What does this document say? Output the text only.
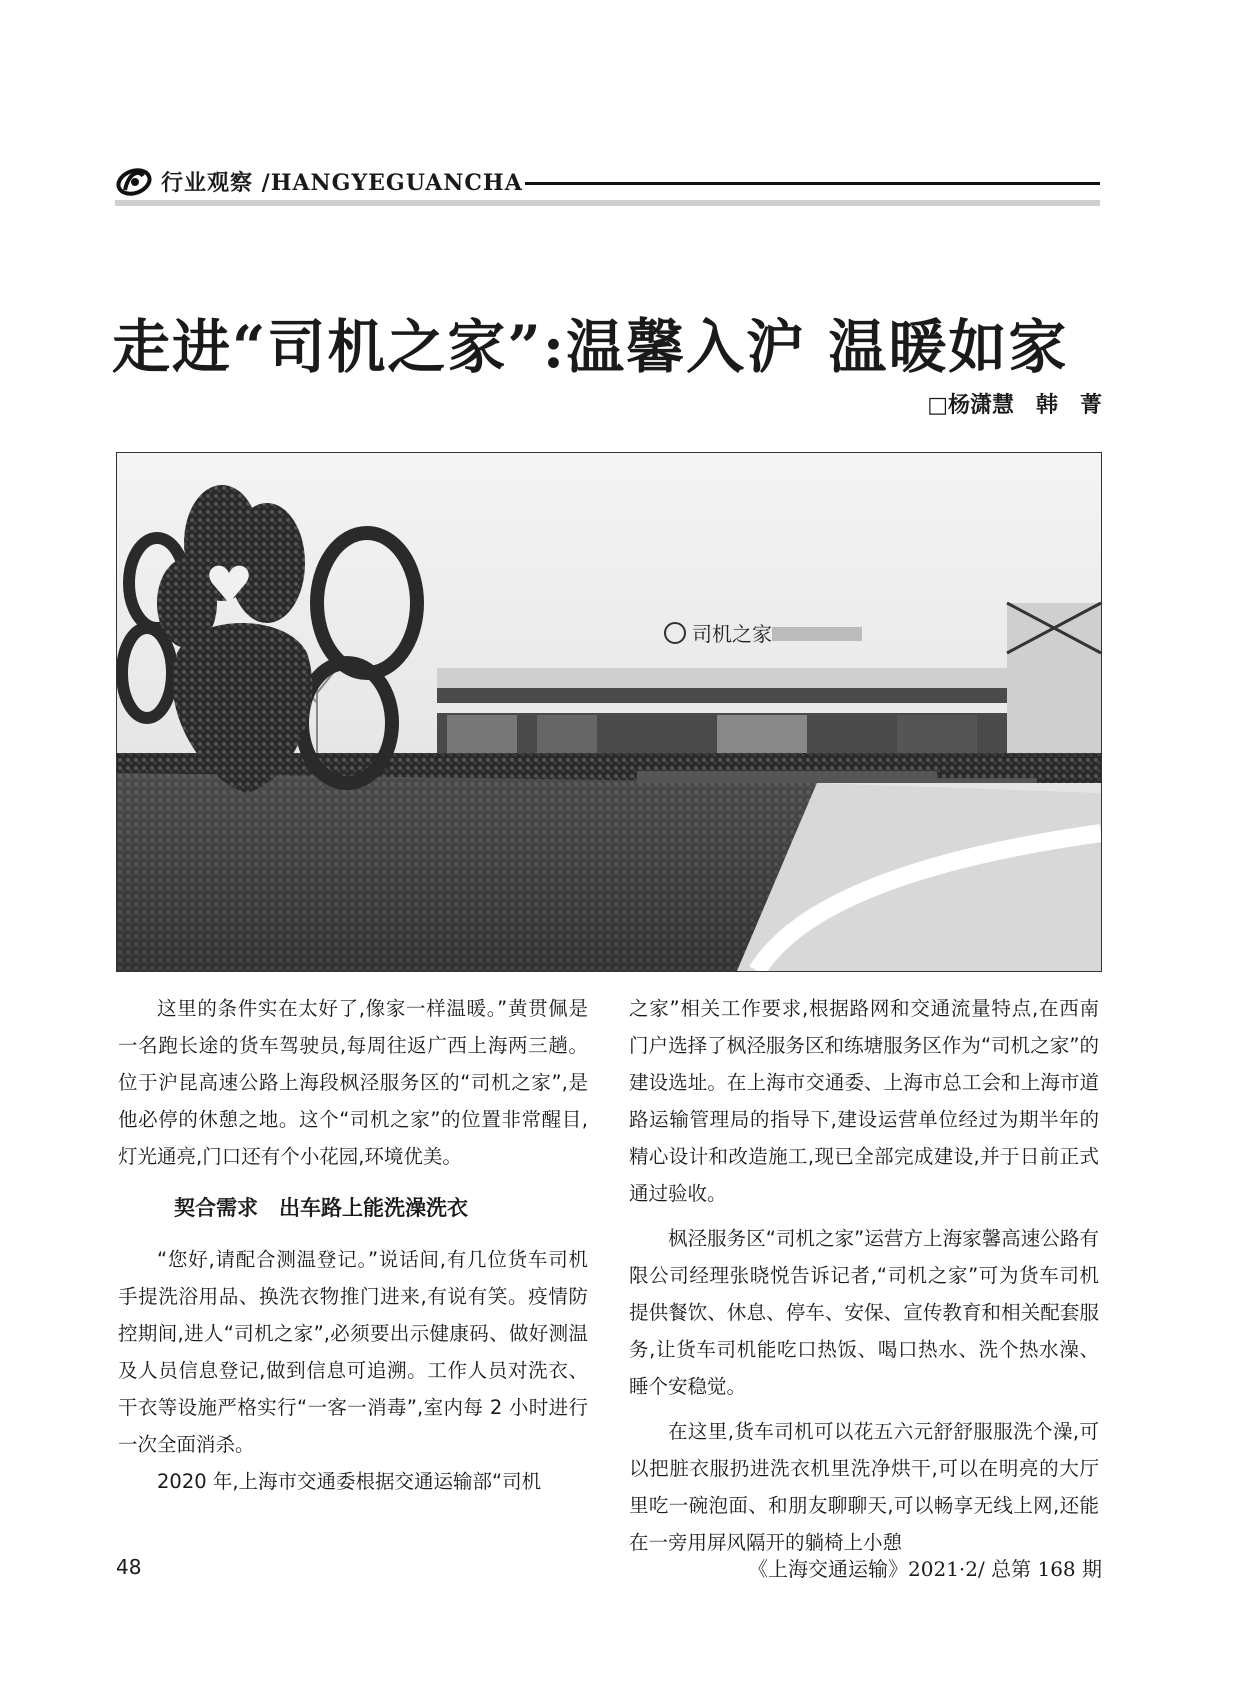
行业观察 /HANGYEGUANCHA
走进“司机之家”:温馨入沪 温暖如家
□杨潇慧　韩　菁
司机之家

这里的条件实在太好了,像家一样温暖。”黄贯佩是一名跑长途的货车驾驶员,每周往返广西上海两三趟。位于沪昆高速公路上海段枫泾服务区的“司机之家”,是他必停的休憩之地。这个“司机之家”的位置非常醒目,灯光通亮,门口还有个小花园,环境优美。

契合需求　出车路上能洗澡洗衣

“您好,请配合测温登记。”说话间,有几位货车司机手提洗浴用品、换洗衣物推门进来,有说有笑。疫情防控期间,进人“司机之家”,必须要出示健康码、做好测温及人员信息登记,做到信息可追溯。工作人员对洗衣、干衣等设施严格实行“一客一消毒”,室内每 2 小时进行一次全面消杀。

2020 年,上海市交通委根据交通运输部“司机

之家”相关工作要求,根据路网和交通流量特点,在西南门户选择了枫泾服务区和练塘服务区作为“司机之家”的建设选址。在上海市交通委、上海市总工会和上海市道路运输管理局的指导下,建设运营单位经过为期半年的精心设计和改造施工,现已全部完成建设,并于日前正式通过验收。

枫泾服务区“司机之家”运营方上海家馨高速公路有限公司经理张晓悦告诉记者,“司机之家”可为货车司机提供餐饮、休息、停车、安保、宣传教育和相关配套服务,让货车司机能吃口热饭、喝口热水、洗个热水澡、睡个安稳觉。

在这里,货车司机可以花五六元舒舒服服洗个澡,可以把脏衣服扔进洗衣机里洗净烘干,可以在明亮的大厅里吃一碗泡面、和朋友聊聊天,可以畅享无线上网,还能在一旁用屏风隔开的躺椅上小憩

48	《上海交通运输》2021·2/ 总第 168 期
